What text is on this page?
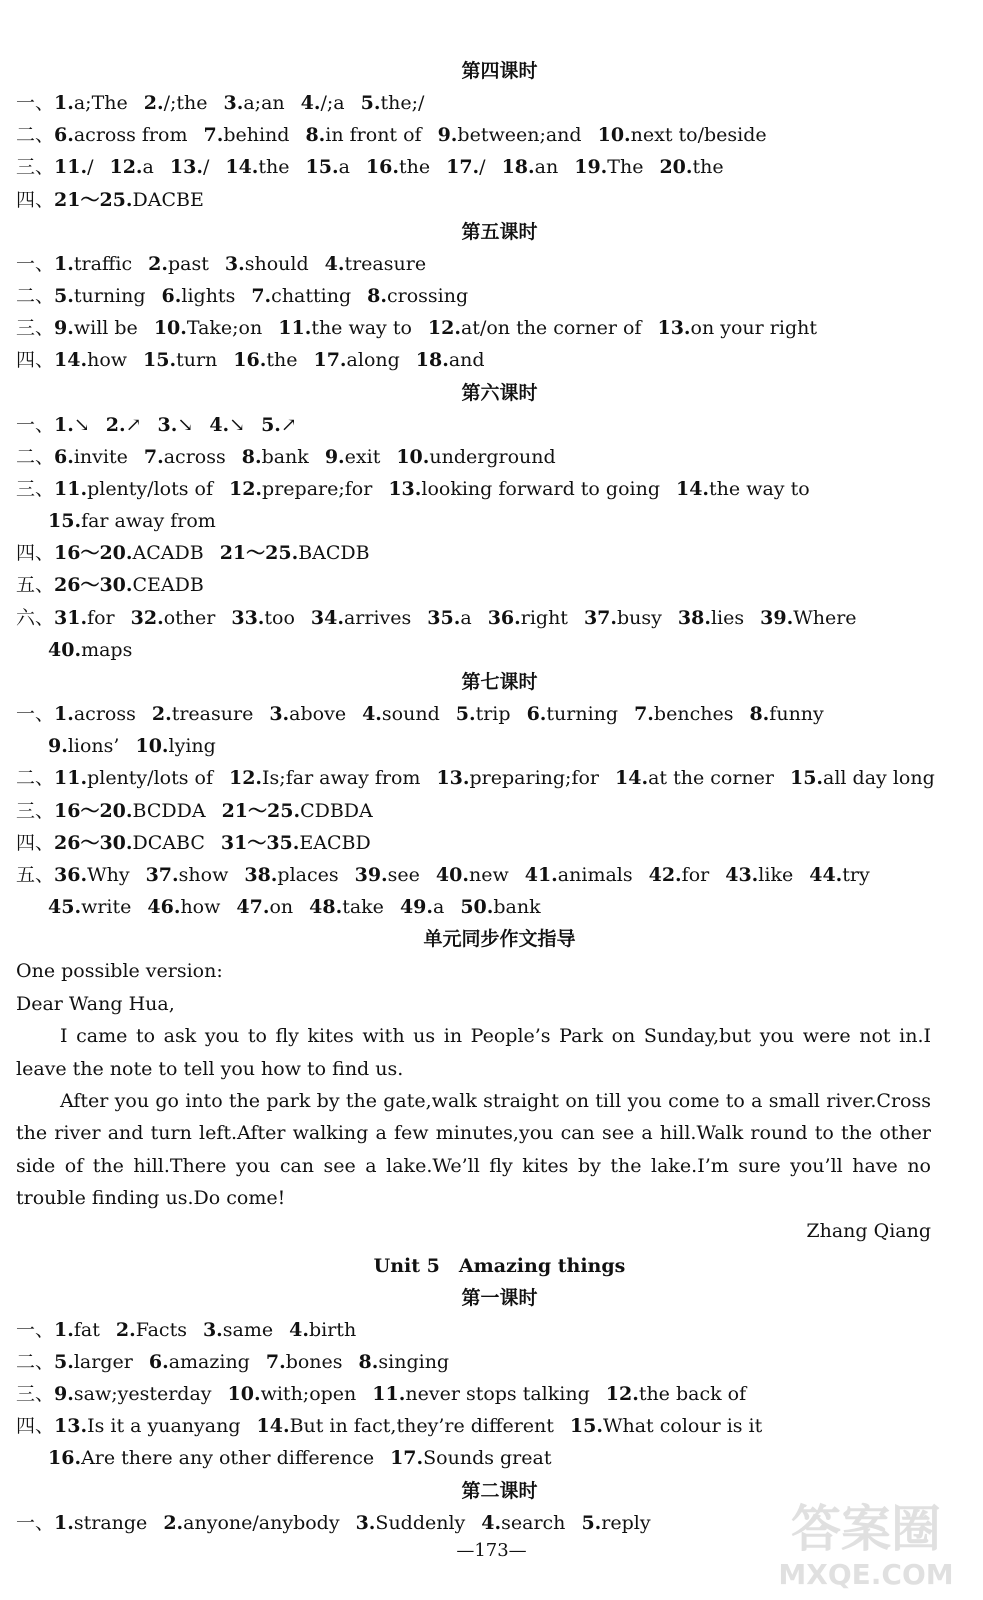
第四课时
一、1.a;The 2./;the 3.a;an 4./;a 5.the;/
二、6.across from 7.behind 8.in front of 9.between;and 10.next to/beside
三、11./ 12.a 13./ 14.the 15.a 16.the 17./ 18.an 19.The 20.the
四、21～25.DACBE
第五课时
一、1.traffic 2.past 3.should 4.treasure
二、5.turning 6.lights 7.chatting 8.crossing
三、9.will be 10.Take;on 11.the way to 12.at/on the corner of 13.on your right
四、14.how 15.turn 16.the 17.along 18.and
第六课时
一、1.↘ 2.↗ 3.↘ 4.↘ 5.↗
二、6.invite 7.across 8.bank 9.exit 10.underground
三、11.plenty/lots of 12.prepare;for 13.looking forward to going 14.the way to
15.far away from
四、16～20.ACADB 21～25.BACDB
五、26～30.CEADB
六、31.for 32.other 33.too 34.arrives 35.a 36.right 37.busy 38.lies 39.Where
40.maps
第七课时
一、1.across 2.treasure 3.above 4.sound 5.trip 6.turning 7.benches 8.funny
9.lions’ 10.lying
二、11.plenty/lots of 12.Is;far away from 13.preparing;for 14.at the corner 15.all day long
三、16～20.BCDDA 21～25.CDBDA
四、26～30.DCABC 31～35.EACBD
五、36.Why 37.show 38.places 39.see 40.new 41.animals 42.for 43.like 44.try
45.write 46.how 47.on 48.take 49.a 50.bank
单元同步作文指导
One possible version:
Dear Wang Hua,
I came to ask you to fly kites with us in People’s Park on Sunday,but you were not in.I leave the note to tell you how to find us.
After you go into the park by the gate,walk straight on till you come to a small river.Cross the river and turn left.After walking a few minutes,you can see a hill.Walk round to the other side of the hill.There you can see a lake.We’ll fly kites by the lake.I’m sure you’ll have no trouble finding us.Do come!
Zhang Qiang
Unit 5　Amazing things
第一课时
一、1.fat 2.Facts 3.same 4.birth
二、5.larger 6.amazing 7.bones 8.singing
三、9.saw;yesterday 10.with;open 11.never stops talking 12.the back of
四、13.Is it a yuanyang 14.But in fact,they’re different 15.What colour is it
16.Are there any other difference 17.Sounds great
第二课时
一、1.strange 2.anyone/anybody 3.Suddenly 4.search 5.reply
—173—	答案圈
MXQE.COM
